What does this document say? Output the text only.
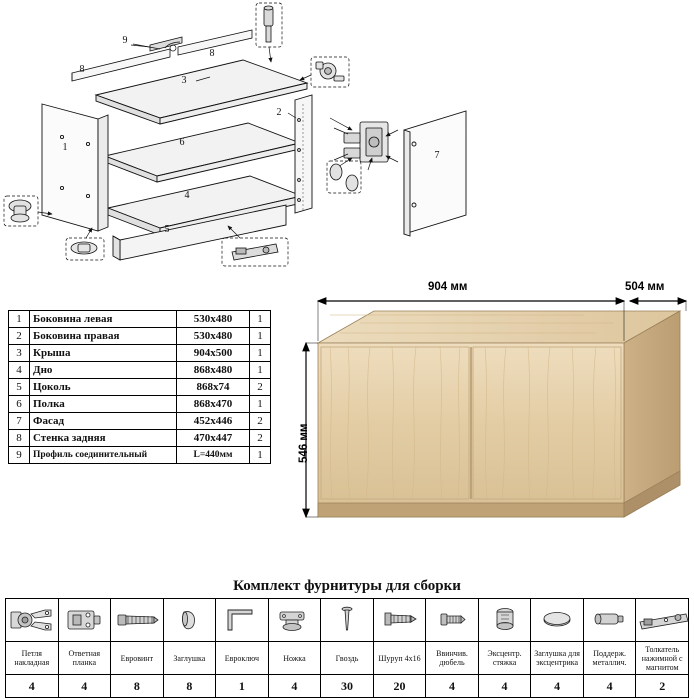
1
2
3
4
5
6
7
8
8
9
1	Боковина левая	530х480	1
2	Боковина правая	530х480	1
3	Крыша	904х500	1
4	Дно	868х480	1
5	Цоколь	868х74	2
6	Полка	868х470	1
7	Фасад	452х446	2
8	Стенка задняя	470х447	2
9	Профиль соединительный	L=440мм	1
904 мм	504 мм
546 мм
Комплект фурнитуры для сборки

Петля накладная	Ответная планка	Евровинт	Заглушка	Евроключ	Ножка	Гвоздь	Шуруп 4х16	Ввинчив. дюбель	Эксцентр. стяжка	Заглушка для эксцентрика	Поддерж. металлич.	Толкатель нажимной с магнитом
4	4	8	8	1	4	30	20	4	4	4	4	2
